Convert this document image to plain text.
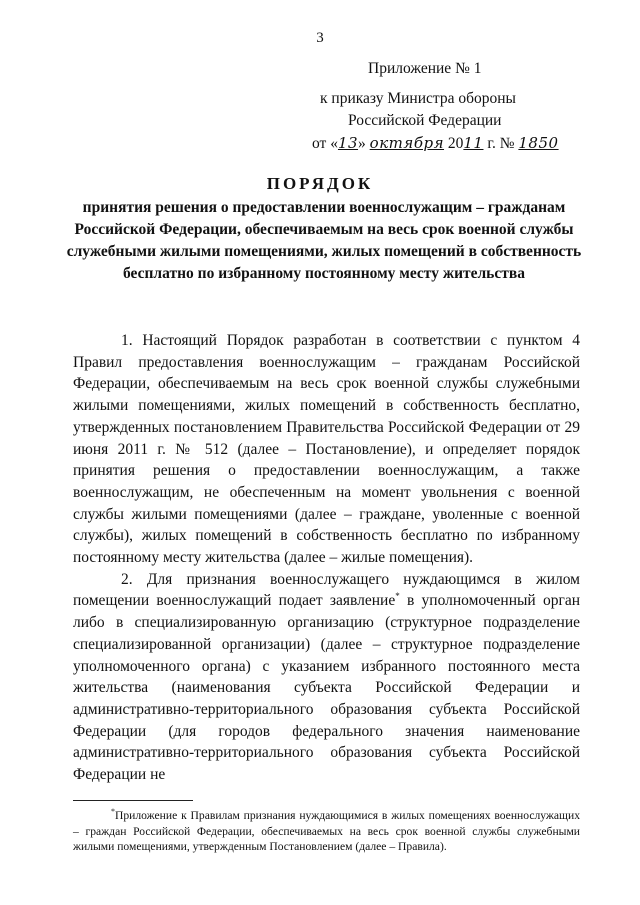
3
Приложение № 1
к приказу Министра обороны
Российской Федерации
от «13» октября 2011 г. № 1850
ПОРЯДОК
принятия решения о предоставлении военнослужащим – гражданам Российской Федерации, обеспечиваемым на весь срок военной службы служебными жилыми помещениями, жилых помещений в собственность бесплатно по избранному постоянному месту жительства

1. Настоящий Порядок разработан в соответствии с пунктом 4 Правил предоставления военнослужащим – гражданам Российской Федерации, обеспечиваемым на весь срок военной службы служебными жилыми помещениями, жилых помещений в собственность бесплатно, утвержденных постановлением Правительства Российской Федерации от 29 июня 2011 г. № 512 (далее – Постановление), и определяет порядок принятия решения о предоставлении военнослужащим, а также военнослужащим, не обеспеченным на момент увольнения с военной службы жилыми помещениями (далее – граждане, уволенные с военной службы), жилых помещений в собственность бесплатно по избранному постоянному месту жительства (далее – жилые помещения).

2. Для признания военнослужащего нуждающимся в жилом помещении военнослужащий подает заявление* в уполномоченный орган либо в специализированную организацию (структурное подразделение специализированной организации) (далее – структурное подразделение уполномоченного органа) с указанием избранного постоянного места жительства (наименования субъекта Российской Федерации и административно-территориального образования субъекта Российской Федерации (для городов федерального значения наименование административно-территориального образования субъекта Российской Федерации не

*Приложение к Правилам признания нуждающимися в жилых помещениях военнослужащих – граждан Российской Федерации, обеспечиваемых на весь срок военной службы служебными жилыми помещениями, утвержденным Постановлением (далее – Правила).
